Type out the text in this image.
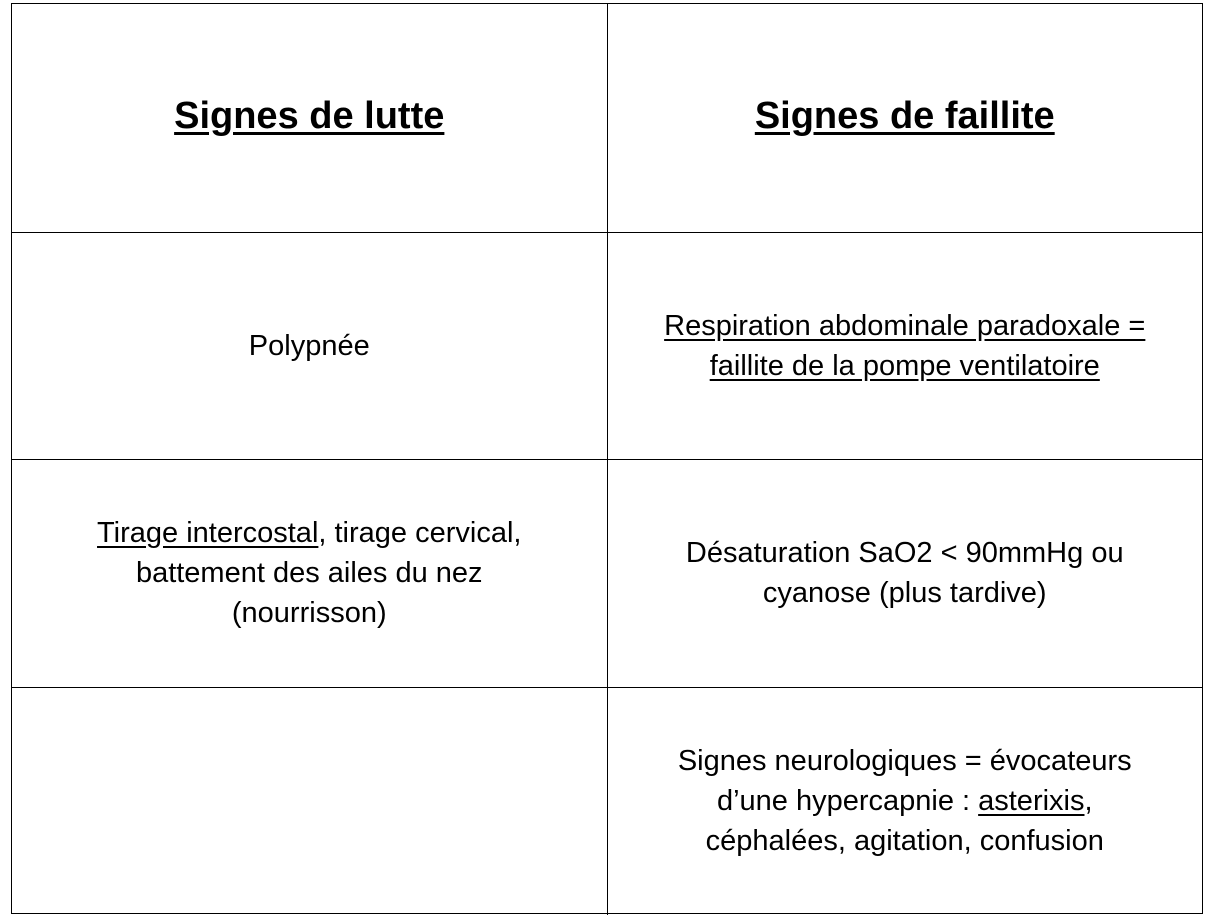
Signes de lutte	Signes de faillite
Polypnée	Respiration abdominale paradoxale =
faillite de la pompe ventilatoire

Tirage intercostal, tirage cervical,
battement des ailes du nez
(nourrisson)	Désaturation SaO2 < 90mmHg ou
cyanose (plus tardive)

	Signes neurologiques = évocateurs
d’une hypercapnie : asterixis,
céphalées, agitation, confusion
